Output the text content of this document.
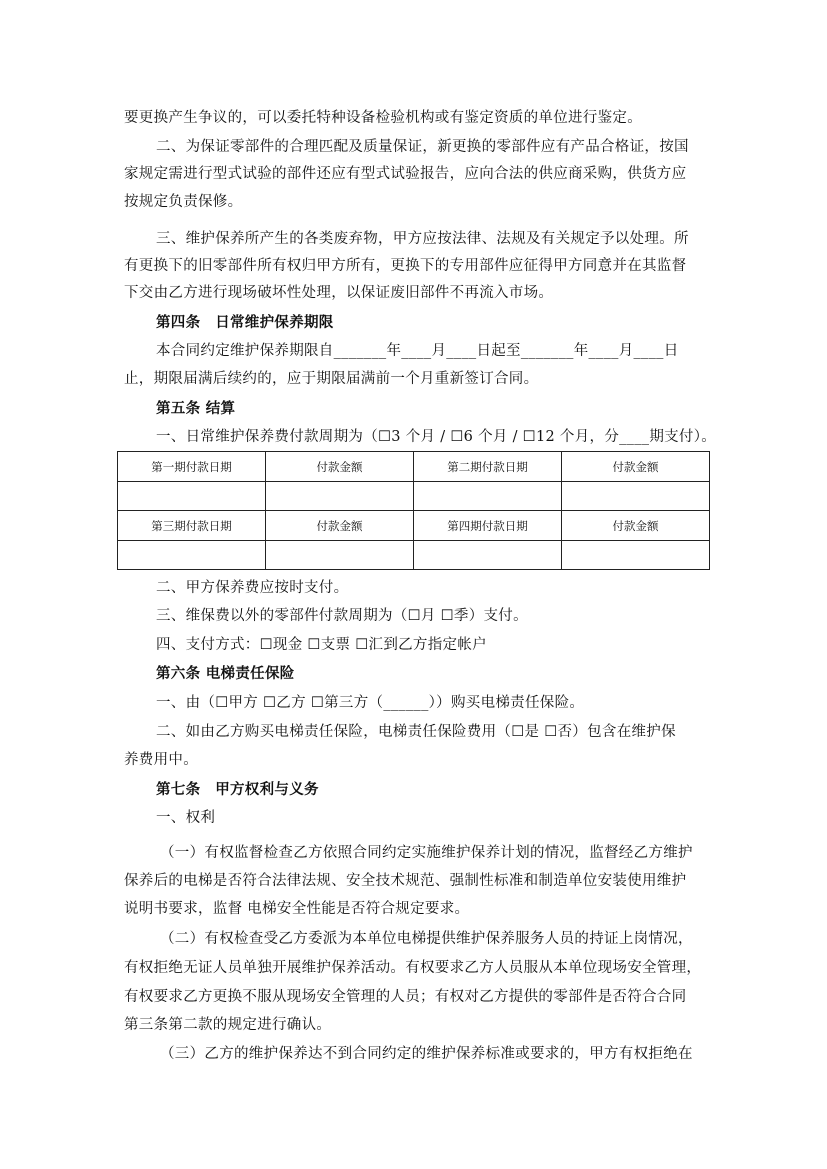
要更换产生争议的，可以委托特种设备检验机构或有鉴定资质的单位进行鉴定。
二、为保证零部件的合理匹配及质量保证，新更换的零部件应有产品合格证，按国
家规定需进行型式试验的部件还应有型式试验报告，应向合法的供应商采购，供货方应
按规定负责保修。
三、维护保养所产生的各类废弃物，甲方应按法律、法规及有关规定予以处理。所
有更换下的旧零部件所有权归甲方所有，更换下的专用部件应征得甲方同意并在其监督
下交由乙方进行现场破坏性处理，以保证废旧部件不再流入市场。
第四条　日常维护保养期限
本合同约定维护保养期限自_______年____月____日起至_______年____月____日
止，期限届满后续约的，应于期限届满前一个月重新签订合同。
第五条 结算
一、日常维护保养费付款周期为（☐3 个月 / ☐6 个月 / ☐12 个月，分____期支付）。
第一期付款日期	付款金额	第二期付款日期	付款金额

第三期付款日期	付款金额	第四期付款日期	付款金额

二、甲方保养费应按时支付。
三、维保费以外的零部件付款周期为（☐月 ☐季）支付。
四、支付方式：☐现金 ☐支票 ☐汇到乙方指定帐户
第六条 电梯责任保险
一、由（☐甲方 ☐乙方 ☐第三方（______））购买电梯责任保险。
二、如由乙方购买电梯责任保险，电梯责任保险费用（☐是 ☐否）包含在维护保
养费用中。
第七条　甲方权利与义务
一、权利
（一）有权监督检查乙方依照合同约定实施维护保养计划的情况，监督经乙方维护
保养后的电梯是否符合法律法规、安全技术规范、强制性标准和制造单位安装使用维护
说明书要求，监督 电梯安全性能是否符合规定要求。
（二）有权检查受乙方委派为本单位电梯提供维护保养服务人员的持证上岗情况，
有权拒绝无证人员单独开展维护保养活动。有权要求乙方人员服从本单位现场安全管理，
有权要求乙方更换不服从现场安全管理的人员；有权对乙方提供的零部件是否符合合同
第三条第二款的规定进行确认。
（三）乙方的维护保养达不到合同约定的维护保养标准或要求的，甲方有权拒绝在
